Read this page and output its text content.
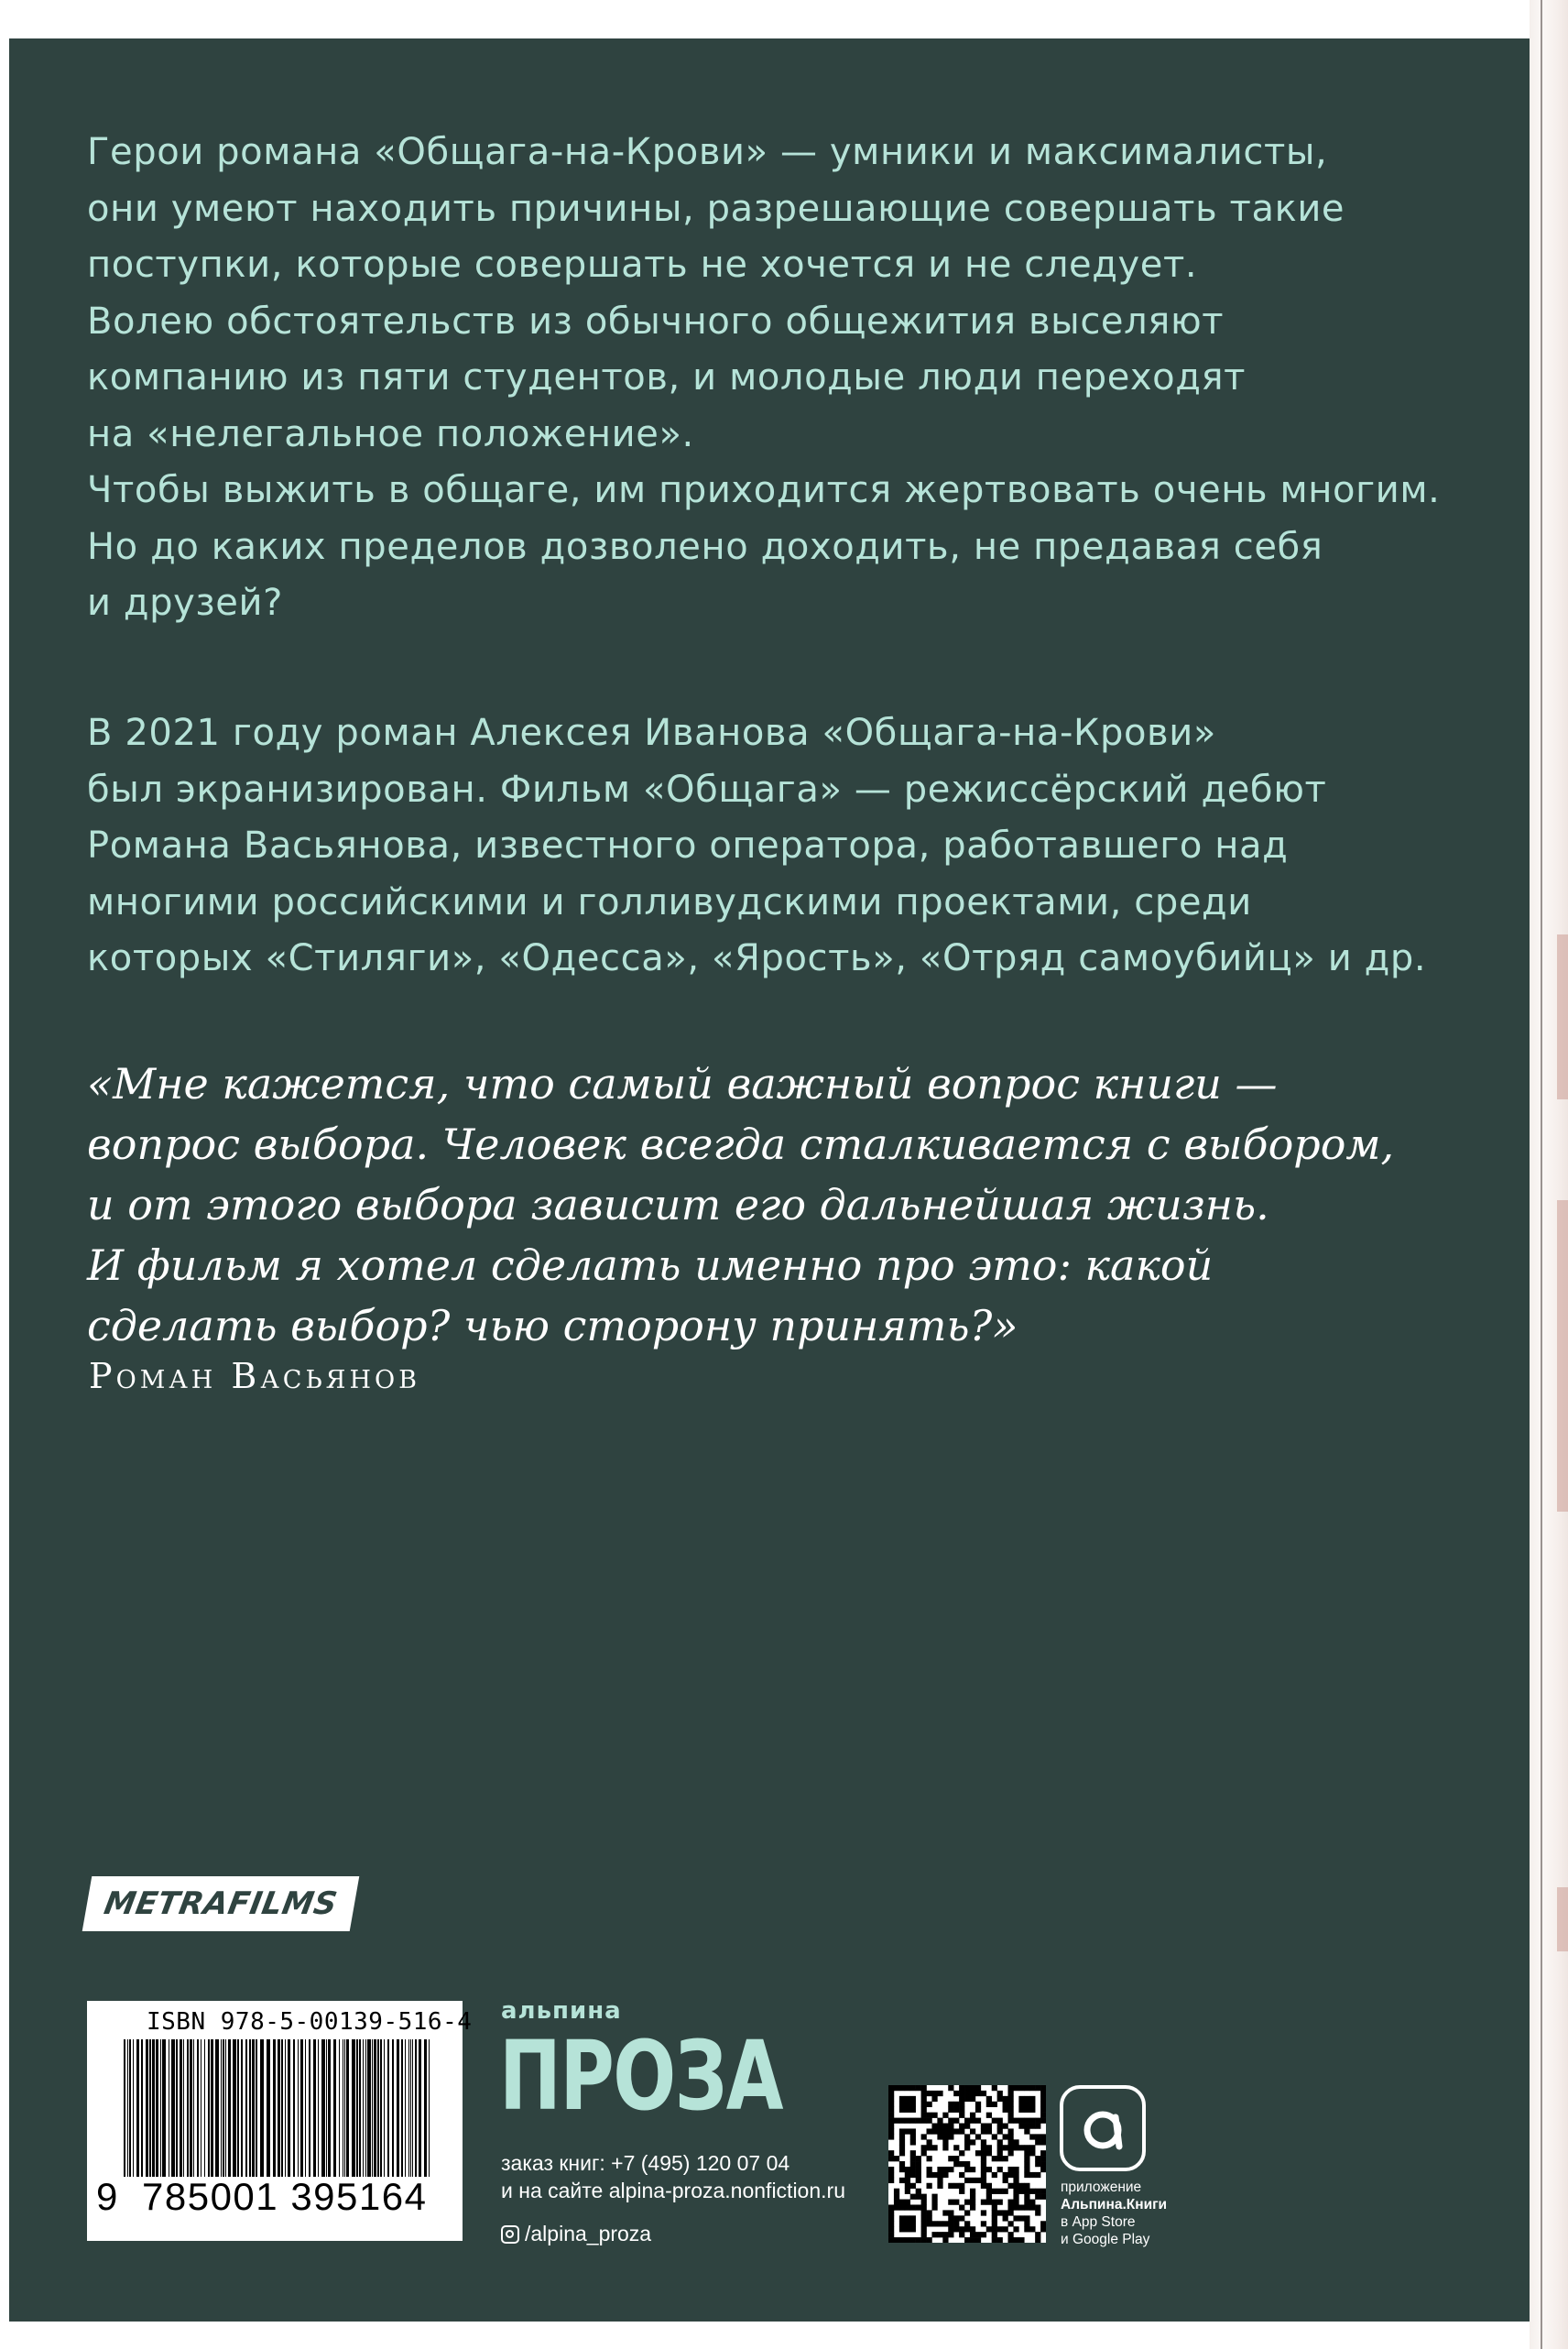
Герои романа «Общага-на-Крови» — умники и максималисты,
они умеют находить причины, разрешающие совершать такие
поступки, которые совершать не хочется и не следует.
Волею обстоятельств из обычного общежития выселяют
компанию из пяти студентов, и молодые люди переходят
на «нелегальное положение».
Чтобы выжить в общаге, им приходится жертвовать очень многим.
Но до каких пределов дозволено доходить, не предавая себя
и друзей?
В 2021 году роман Алексея Иванова «Общага-на-Крови»
был экранизирован. Фильм «Общага» — режиссёрский дебют
Романа Васьянова, известного оператора, работавшего над
многими российскими и голливудскими проектами, среди
которых «Стиляги», «Одесса», «Ярость», «Отряд самоубийц» и др.
«Мне кажется, что самый важный вопрос книги —
вопрос выбора. Человек всегда сталкивается с выбором,
и от этого выбора зависит его дальнейшая жизнь.
И фильм я хотел сделать именно про это: какой
сделать выбор? чью сторону принять?»
Роман Васьянов
METRAFILMS
ISBN 978-5-00139-516-4
9 785001 395164
альпина
ПРОЗА
заказ книг: +7 (495) 120 07 04
и на сайте alpina-proza.nonfiction.ru
/alpina_proza
приложение
Альпина.Книги
в App Store
и Google Play
